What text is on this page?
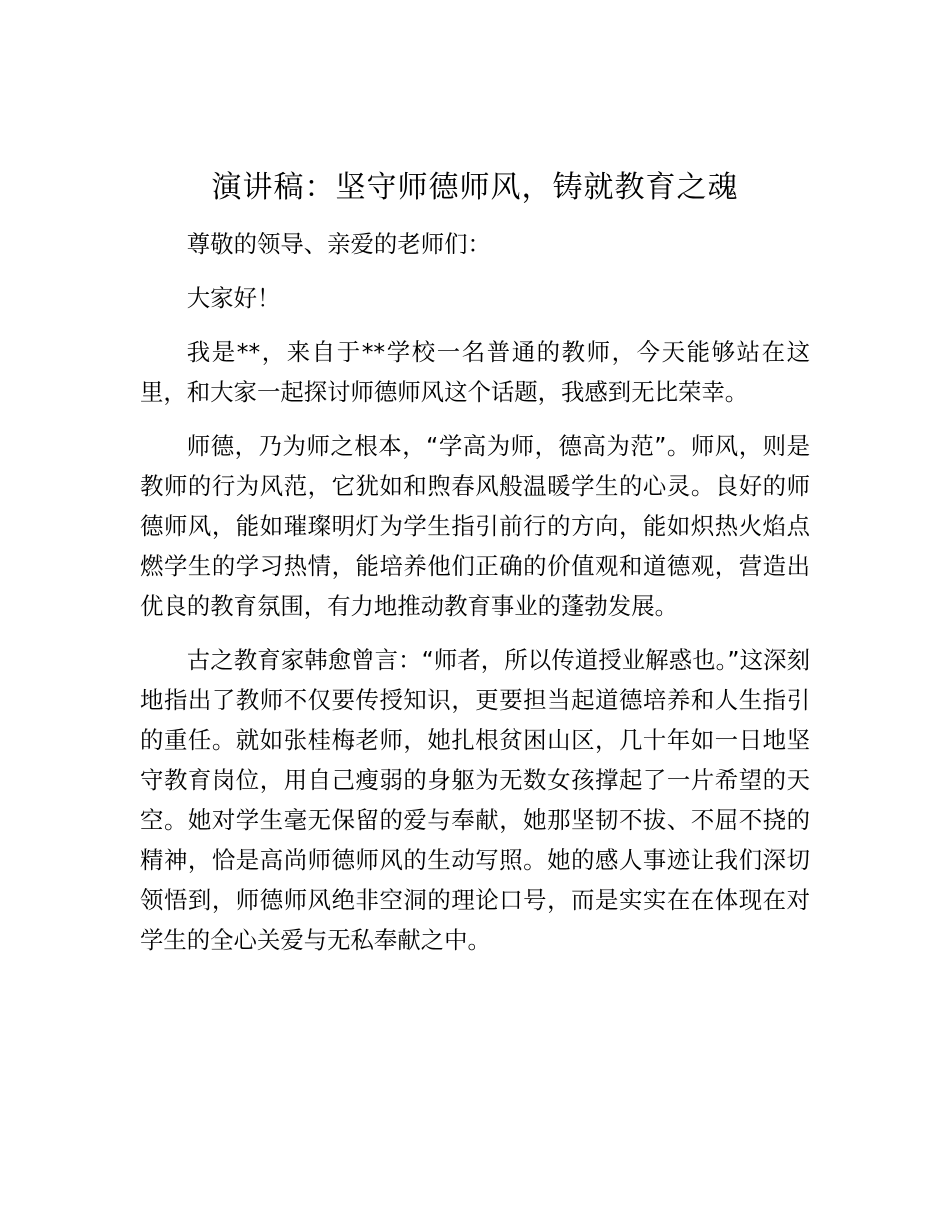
演讲稿：坚守师德师风，铸就教育之魂

尊敬的领导、亲爱的老师们：

大家好！

我是**，来自于**学校一名普通的教师，今天能够站在这里，和大家一起探讨师德师风这个话题，我感到无比荣幸。

师德，乃为师之根本，“学高为师，德高为范”。师风，则是教师的行为风范，它犹如和煦春风般温暖学生的心灵。良好的师德师风，能如璀璨明灯为学生指引前行的方向，能如炽热火焰点燃学生的学习热情，能培养他们正确的价值观和道德观，营造出优良的教育氛围，有力地推动教育事业的蓬勃发展。

古之教育家韩愈曾言：“师者，所以传道授业解惑也。”这深刻地指出了教师不仅要传授知识，更要担当起道德培养和人生指引的重任。就如张桂梅老师，她扎根贫困山区，几十年如一日地坚守教育岗位，用自己瘦弱的身躯为无数女孩撑起了一片希望的天空。她对学生毫无保留的爱与奉献，她那坚韧不拔、不屈不挠的精神，恰是高尚师德师风的生动写照。她的感人事迹让我们深切领悟到，师德师风绝非空洞的理论口号，而是实实在在体现在对学生的全心关爱与无私奉献之中。
